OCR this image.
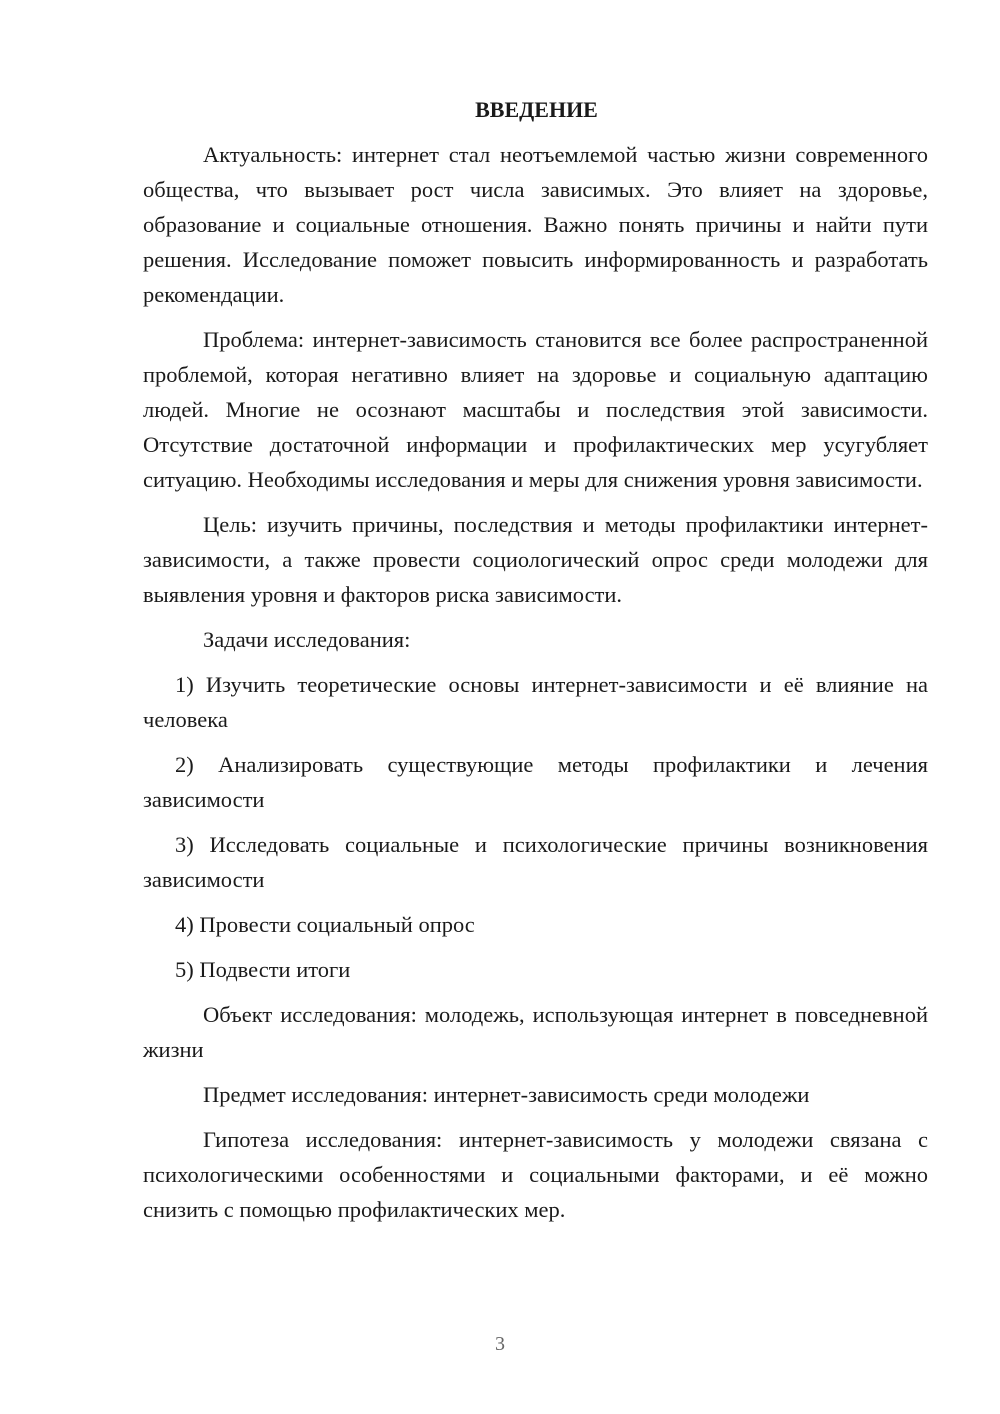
ВВЕДЕНИЕ

Актуальность: интернет стал неотъемлемой частью жизни современного общества, что вызывает рост числа зависимых. Это влияет на здоровье, образование и социальные отношения. Важно понять причины и найти пути решения. Исследование поможет повысить информированность и разработать рекомендации.

Проблема: интернет-зависимость становится все более распространенной проблемой, которая негативно влияет на здоровье и социальную адаптацию людей. Многие не осознают масштабы и последствия этой зависимости. Отсутствие достаточной информации и профилактических мер усугубляет ситуацию. Необходимы исследования и меры для снижения уровня зависимости.

Цель: изучить причины, последствия и методы профилактики интернет-зависимости, а также провести социологический опрос среди молодежи для выявления уровня и факторов риска зависимости.

Задачи исследования:

1) Изучить теоретические основы интернет-зависимости и её влияние на человека

2) Анализировать существующие методы профилактики и лечения зависимости

3) Исследовать социальные и психологические причины возникновения зависимости

4) Провести социальный опрос

5) Подвести итоги

Объект исследования: молодежь, использующая интернет в повседневной жизни

Предмет исследования: интернет-зависимость среди молодежи

Гипотеза исследования: интернет-зависимость у молодежи связана с психологическими особенностями и социальными факторами, и её можно снизить с помощью профилактических мер.

3
